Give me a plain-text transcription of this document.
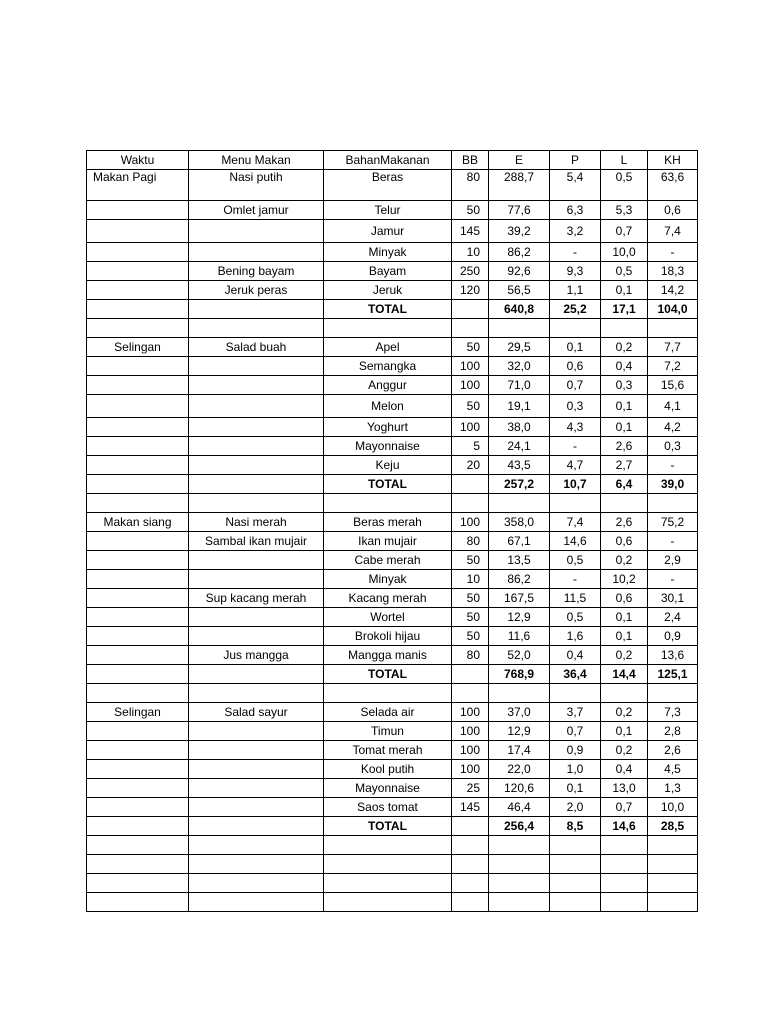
Waktu	Menu Makan	BahanMakanan	BB	E	P	L	KH
Makan Pagi	Nasi putih	Beras	80	288,7	5,4	0,5	63,6
	Omlet jamur	Telur	50	77,6	6,3	5,3	0,6
		Jamur	145	39,2	3,2	0,7	7,4
		Minyak	10	86,2	-	10,0	-
	Bening bayam	Bayam	250	92,6	9,3	0,5	18,3
	Jeruk peras	Jeruk	120	56,5	1,1	0,1	14,2
		TOTAL		640,8	25,2	17,1	104,0

Selingan	Salad buah	Apel	50	29,5	0,1	0,2	7,7
		Semangka	100	32,0	0,6	0,4	7,2
		Anggur	100	71,0	0,7	0,3	15,6
		Melon	50	19,1	0,3	0,1	4,1
		Yoghurt	100	38,0	4,3	0,1	4,2
		Mayonnaise	5	24,1	-	2,6	0,3
		Keju	20	43,5	4,7	2,7	-
		TOTAL		257,2	10,7	6,4	39,0

Makan siang	Nasi merah	Beras merah	100	358,0	7,4	2,6	75,2
	Sambal ikan mujair	Ikan mujair	80	67,1	14,6	0,6	-
		Cabe merah	50	13,5	0,5	0,2	2,9
		Minyak	10	86,2	-	10,2	-
	Sup kacang merah	Kacang merah	50	167,5	11,5	0,6	30,1
		Wortel	50	12,9	0,5	0,1	2,4
		Brokoli hijau	50	11,6	1,6	0,1	0,9
	Jus mangga	Mangga manis	80	52,0	0,4	0,2	13,6
		TOTAL		768,9	36,4	14,4	125,1

Selingan	Salad sayur	Selada air	100	37,0	3,7	0,2	7,3
		Timun	100	12,9	0,7	0,1	2,8
		Tomat merah	100	17,4	0,9	0,2	2,6
		Kool putih	100	22,0	1,0	0,4	4,5
		Mayonnaise	25	120,6	0,1	13,0	1,3
		Saos tomat	145	46,4	2,0	0,7	10,0
		TOTAL		256,4	8,5	14,6	28,5
